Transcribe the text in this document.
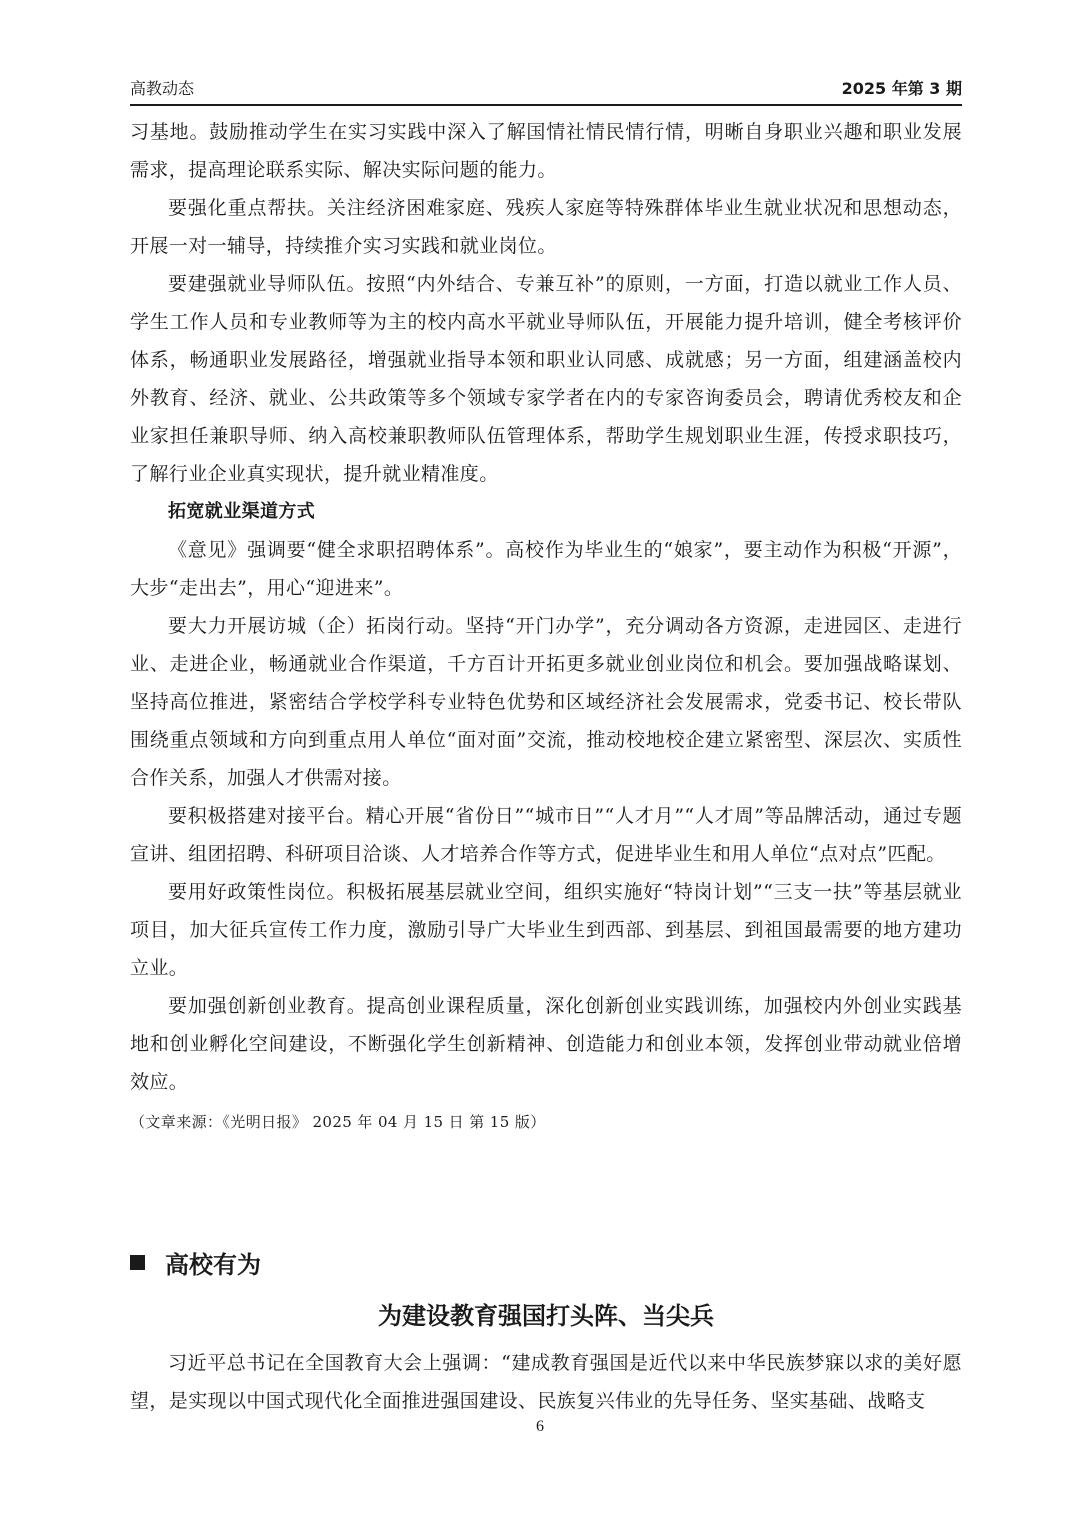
高教动态	2025 年第 3 期

习基地。鼓励推动学生在实习实践中深入了解国情社情民情行情，明晰自身职业兴趣和职业发展需求，提高理论联系实际、解决实际问题的能力。

要强化重点帮扶。关注经济困难家庭、残疾人家庭等特殊群体毕业生就业状况和思想动态，开展一对一辅导，持续推介实习实践和就业岗位。

要建强就业导师队伍。按照“内外结合、专兼互补”的原则，一方面，打造以就业工作人员、学生工作人员和专业教师等为主的校内高水平就业导师队伍，开展能力提升培训，健全考核评价体系，畅通职业发展路径，增强就业指导本领和职业认同感、成就感；另一方面，组建涵盖校内外教育、经济、就业、公共政策等多个领域专家学者在内的专家咨询委员会，聘请优秀校友和企业家担任兼职导师、纳入高校兼职教师队伍管理体系，帮助学生规划职业生涯，传授求职技巧，了解行业企业真实现状，提升就业精准度。

拓宽就业渠道方式

《意见》强调要“健全求职招聘体系”。高校作为毕业生的“娘家”，要主动作为积极“开源”，大步“走出去”，用心“迎进来”。

要大力开展访城（企）拓岗行动。坚持“开门办学”，充分调动各方资源，走进园区、走进行业、走进企业，畅通就业合作渠道，千方百计开拓更多就业创业岗位和机会。要加强战略谋划、坚持高位推进，紧密结合学校学科专业特色优势和区域经济社会发展需求，党委书记、校长带队围绕重点领域和方向到重点用人单位“面对面”交流，推动校地校企建立紧密型、深层次、实质性合作关系，加强人才供需对接。

要积极搭建对接平台。精心开展“省份日”“城市日”“人才月”“人才周”等品牌活动，通过专题宣讲、组团招聘、科研项目洽谈、人才培养合作等方式，促进毕业生和用人单位“点对点”匹配。

要用好政策性岗位。积极拓展基层就业空间，组织实施好“特岗计划”“三支一扶”等基层就业项目，加大征兵宣传工作力度，激励引导广大毕业生到西部、到基层、到祖国最需要的地方建功立业。

要加强创新创业教育。提高创业课程质量，深化创新创业实践训练，加强校内外创业实践基地和创业孵化空间建设，不断强化学生创新精神、创造能力和创业本领，发挥创业带动就业倍增效应。

（文章来源：《光明日报》 2025 年 04 月 15 日 第 15 版）

高校有为
为建设教育强国打头阵、当尖兵

习近平总书记在全国教育大会上强调：“建成教育强国是近代以来中华民族梦寐以求的美好愿望，是实现以中国式现代化全面推进强国建设、民族复兴伟业的先导任务、坚实基础、战略支

6
